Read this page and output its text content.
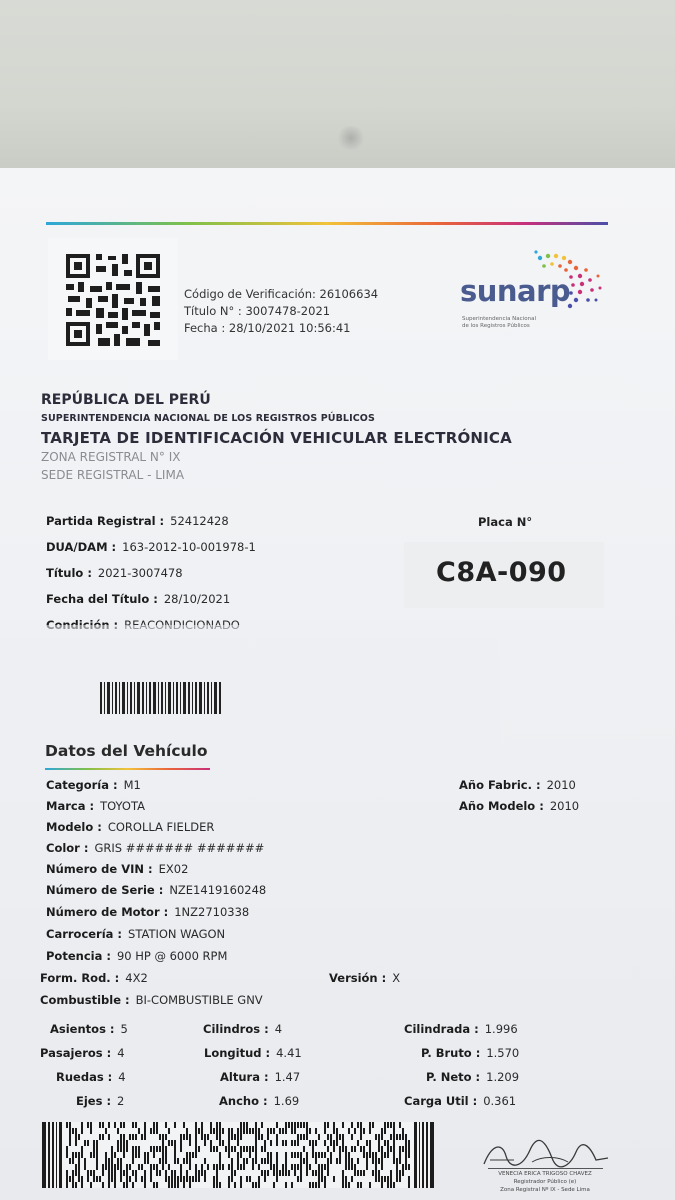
Código de Verificación: 26106634
Título N° : 3007478-2021
Fecha : 28/10/2021 10:56:41
sunarp
Superintendencia Nacional
de los Registros Públicos
REPÚBLICA DEL PERÚ
SUPERINTENDENCIA NACIONAL DE LOS REGISTROS PÚBLICOS
TARJETA DE IDENTIFICACIÓN VEHICULAR ELECTRÓNICA
ZONA REGISTRAL N° IX
SEDE REGISTRAL - LIMA
Partida Registral : 52412428
DUA/DAM : 163-2012-10-001978-1
Título : 2021-3007478
Fecha del Título : 28/10/2021
Placa N°
C8A-090
Datos del Vehículo
Categoría : M1
Marca : TOYOTA
Modelo : COROLLA FIELDER
Color : GRIS ####### #######
Número de VIN : EX02
Número de Serie : NZE1419160248
Número de Motor : 1NZ2710338
Carrocería : STATION WAGON
Potencia : 90 HP @ 6000 RPM
Form. Rod. : 4X2	Versión : X
Combustible : BI-COMBUSTIBLE GNV
Año Fabric. : 2010
Año Modelo : 2010
Asientos : 5
Pasajeros : 4
Ruedas : 4
Ejes : 2
Cilindros : 4
Longitud : 4.41
Altura : 1.47
Ancho : 1.69
Cilindrada : 1.996
P. Bruto : 1.570
P. Neto : 1.209
Carga Util : 0.361
VENECIA ERICA TRIGOSO CHAVEZ
Registrador Público (e)
Zona Registral Nº IX - Sede Lima
